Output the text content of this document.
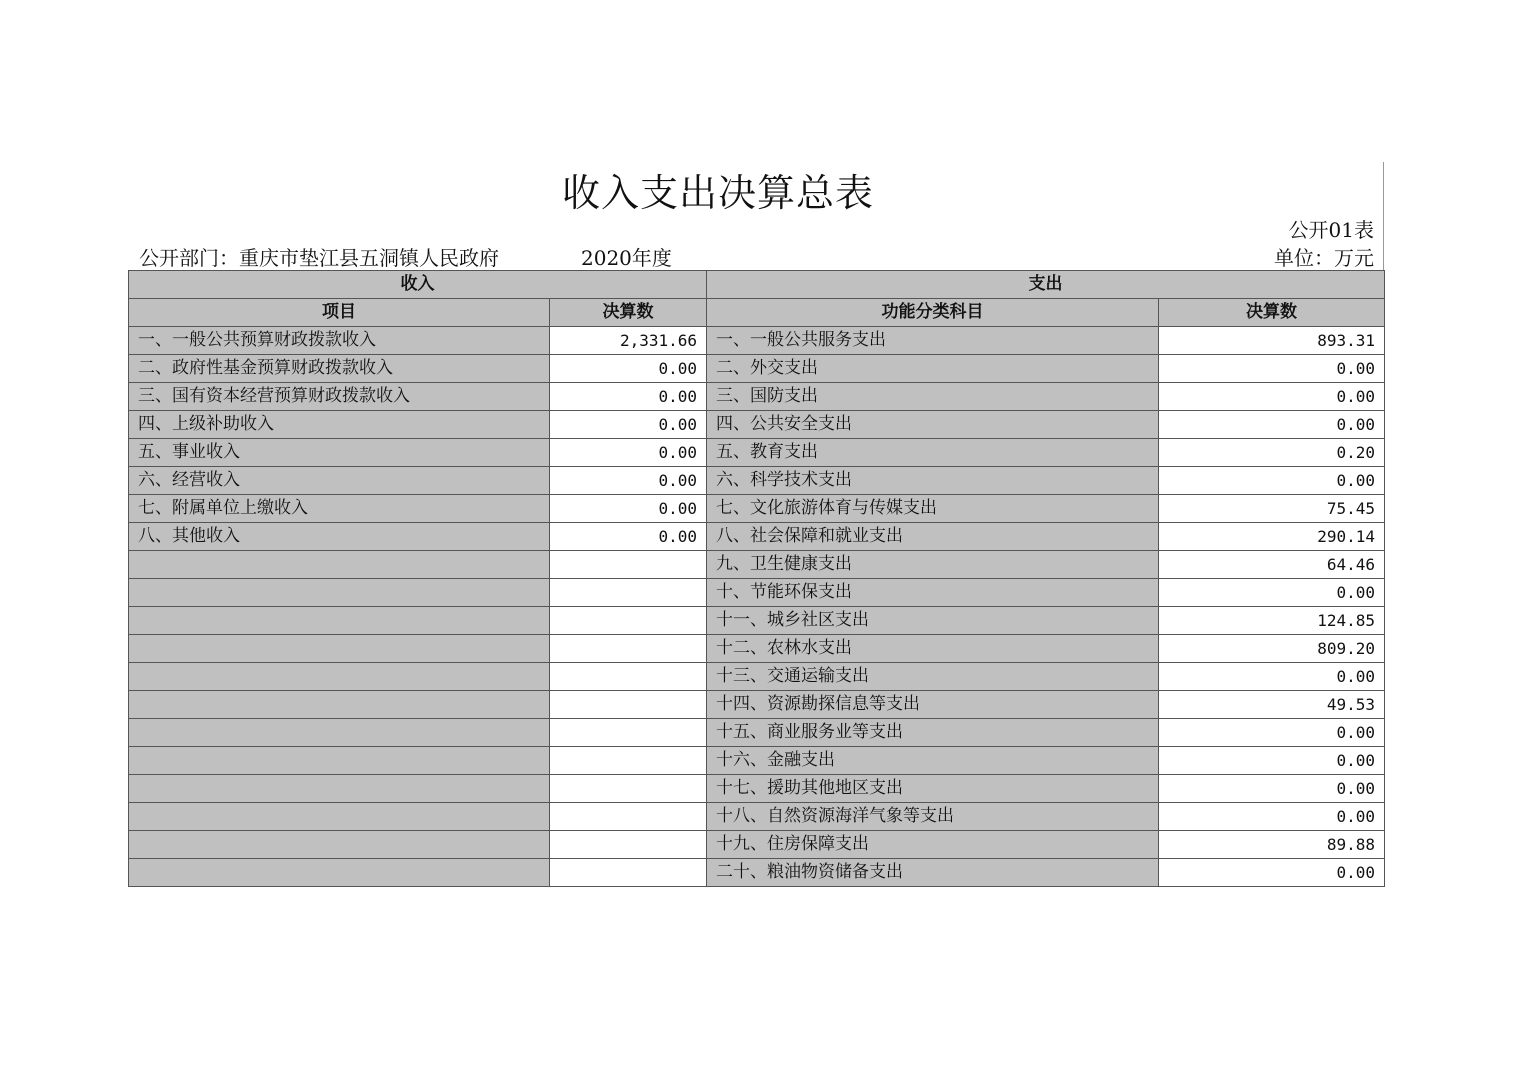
收入支出决算总表
公开01表
公开部门：重庆市垫江县五洞镇人民政府	2020年度	单位：万元
收入		支出	
项目	决算数	功能分类科目	决算数
一、一般公共预算财政拨款收入	2,331.66	一、一般公共服务支出	893.31
二、政府性基金预算财政拨款收入	0.00	二、外交支出	0.00
三、国有资本经营预算财政拨款收入	0.00	三、国防支出	0.00
四、上级补助收入	0.00	四、公共安全支出	0.00
五、事业收入	0.00	五、教育支出	0.20
六、经营收入	0.00	六、科学技术支出	0.00
七、附属单位上缴收入	0.00	七、文化旅游体育与传媒支出	75.45
八、其他收入	0.00	八、社会保障和就业支出	290.14
		九、卫生健康支出	64.46
		十、节能环保支出	0.00
		十一、城乡社区支出	124.85
		十二、农林水支出	809.20
		十三、交通运输支出	0.00
		十四、资源勘探信息等支出	49.53
		十五、商业服务业等支出	0.00
		十六、金融支出	0.00
		十七、援助其他地区支出	0.00
		十八、自然资源海洋气象等支出	0.00
		十九、住房保障支出	89.88
		二十、粮油物资储备支出	0.00
